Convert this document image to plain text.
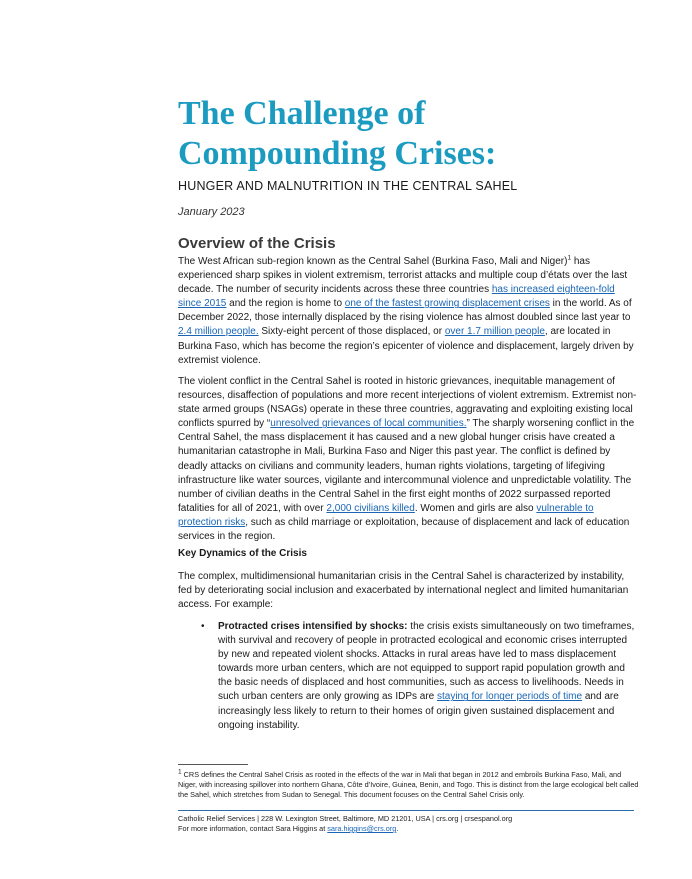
The Challenge of
Compounding Crises:

HUNGER AND MALNUTRITION IN THE CENTRAL SAHEL

January 2023

Overview of the Crisis

The West African sub-region known as the Central Sahel (Burkina Faso, Mali and Niger)$^1$ has experienced sharp spikes in violent extremism, terrorist attacks and multiple coup d’états over the last decade. The number of security incidents across these three countries has increased eighteen-fold since 2015 and the region is home to one of the fastest growing displacement crises in the world. As of December 2022, those internally displaced by the rising violence has almost doubled since last year to 2.4 million people. Sixty-eight percent of those displaced, or over 1.7 million people, are located in Burkina Faso, which has become the region’s epicenter of violence and displacement, largely driven by extremist violence.

The violent conflict in the Central Sahel is rooted in historic grievances, inequitable management of resources, disaffection of populations and more recent interjections of violent extremism. Extremist non-state armed groups (NSAGs) operate in these three countries, aggravating and exploiting existing local conflicts spurred by “unresolved grievances of local communities.” The sharply worsening conflict in the Central Sahel, the mass displacement it has caused and a new global hunger crisis have created a humanitarian catastrophe in Mali, Burkina Faso and Niger this past year. The conflict is defined by deadly attacks on civilians and community leaders, human rights violations, targeting of lifegiving infrastructure like water sources, vigilante and intercommunal violence and unpredictable volatility. The number of civilian deaths in the Central Sahel in the first eight months of 2022 surpassed reported fatalities for all of 2021, with over 2,000 civilians killed. Women and girls are also vulnerable to protection risks, such as child marriage or exploitation, because of displacement and lack of education services in the region.

Key Dynamics of the Crisis

The complex, multidimensional humanitarian crisis in the Central Sahel is characterized by instability, fed by deteriorating social inclusion and exacerbated by international neglect and limited humanitarian access. For example:

• Protracted crises intensified by shocks: the crisis exists simultaneously on two timeframes, with survival and recovery of people in protracted ecological and economic crises interrupted by new and repeated violent shocks. Attacks in rural areas have led to mass displacement towards more urban centers, which are not equipped to support rapid population growth and the basic needs of displaced and host communities, such as access to livelihoods. Needs in such urban centers are only growing as IDPs are staying for longer periods of time and are increasingly less likely to return to their homes of origin given sustained displacement and ongoing instability.

$^1$ CRS defines the Central Sahel Crisis as rooted in the effects of the war in Mali that began in 2012 and embroils Burkina Faso, Mali, and Niger, with increasing spillover into northern Ghana, Côte d’Ivoire, Guinea, Benin, and Togo. This is distinct from the large ecological belt called the Sahel, which stretches from Sudan to Senegal. This document focuses on the Central Sahel Crisis only.

Catholic Relief Services | 228 W. Lexington Street, Baltimore, MD 21201, USA | crs.org | crsespanol.org
For more information, contact Sara Higgins at sara.higgins@crs.org.
